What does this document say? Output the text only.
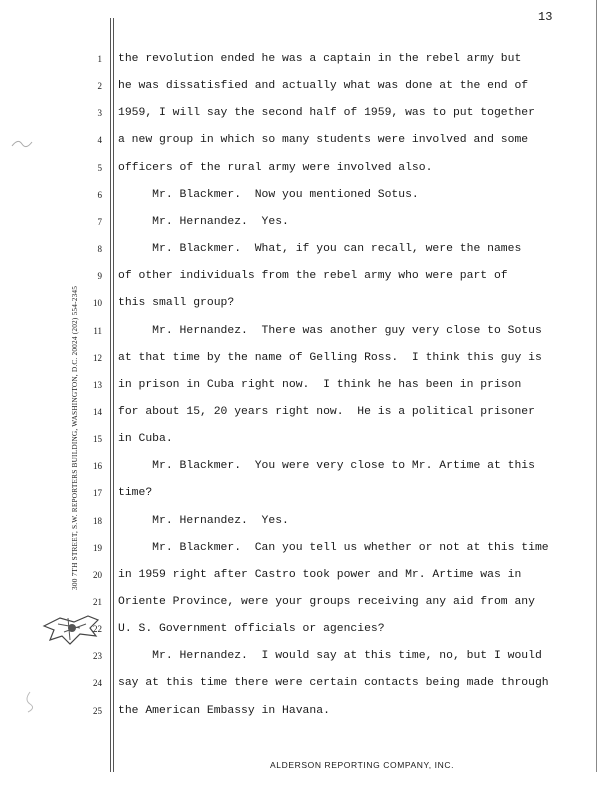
13
300 7TH STREET, S.W. REPORTERS BUILDING, WASHINGTON, D.C. 20024 (202) 554-2345
1 the revolution ended he was a captain in the rebel army but
2 he was dissatisfied and actually what was done at the end of
3 1959, I will say the second half of 1959, was to put together
4 a new group in which so many students were involved and some
5 officers of the rural army were involved also.
6 Mr. Blackmer.  Now you mentioned Sotus.
7 Mr. Hernandez.  Yes.
8 Mr. Blackmer.  What, if you can recall, were the names
9 of other individuals from the rebel army who were part of
10 this small group?
11 Mr. Hernandez.  There was another guy very close to Sotus
12 at that time by the name of Gelling Ross.  I think this guy is
13 in prison in Cuba right now.  I think he has been in prison
14 for about 15, 20 years right now.  He is a political prisoner
15 in Cuba.
16 Mr. Blackmer.  You were very close to Mr. Artime at this
17 time?
18 Mr. Hernandez.  Yes.
19 Mr. Blackmer.  Can you tell us whether or not at this time
20 in 1959 right after Castro took power and Mr. Artime was in
21 Oriente Province, were your groups receiving any aid from any
22 U. S. Government officials or agencies?
23 Mr. Hernandez.  I would say at this time, no, but I would
24 say at this time there were certain contacts being made through
25 the American Embassy in Havana.
ALDERSON REPORTING COMPANY, INC.
